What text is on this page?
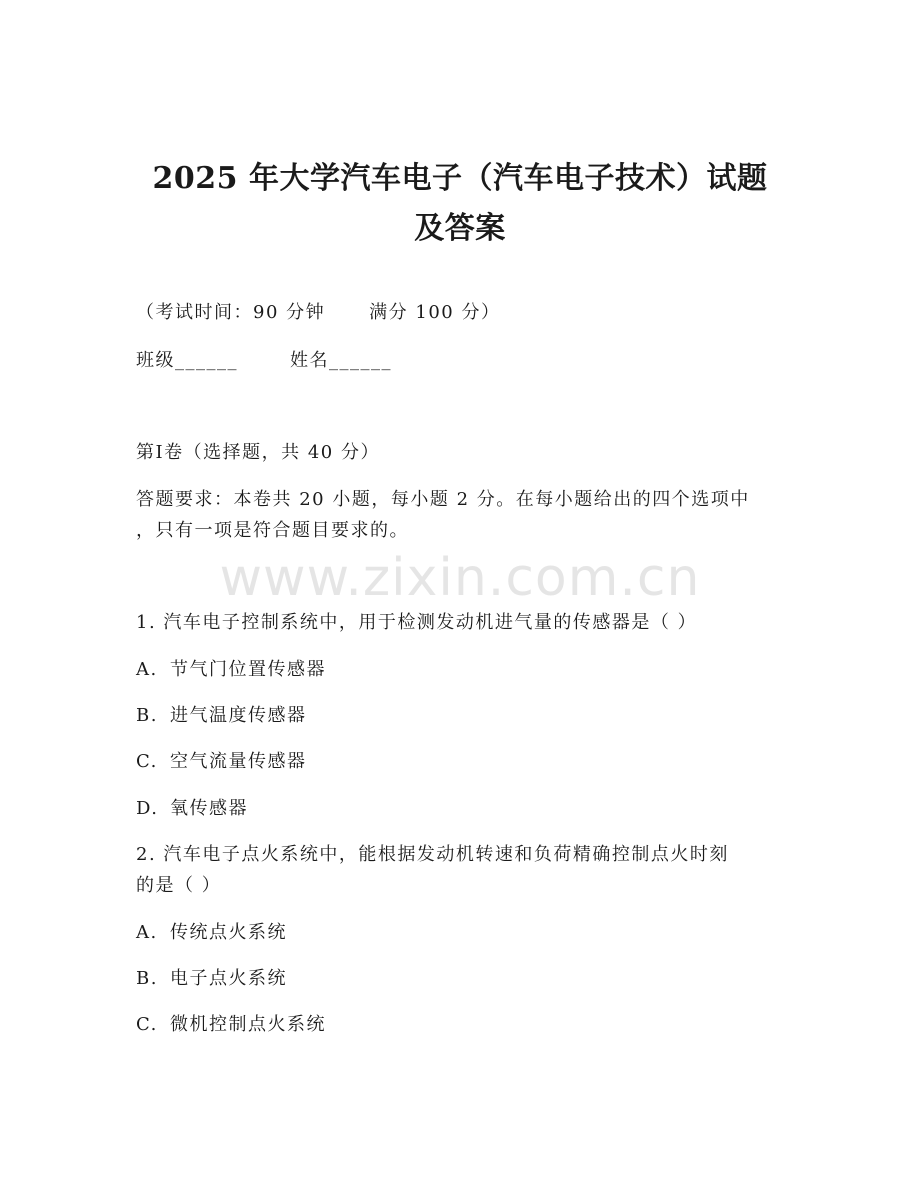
2025 年大学汽车电子（汽车电子技术）试题
及答案
（考试时间：90 分钟 满分 100 分）
班级______	姓名______
第Ⅰ卷（选择题，共 40 分）
答题要求：本卷共 20 小题，每小题 2 分。在每小题给出的四个选项中
，只有一项是符合题目要求的。
www.zixin.com.cn
1. 汽车电子控制系统中，用于检测发动机进气量的传感器是（ ）
A. 节气门位置传感器
B. 进气温度传感器
C. 空气流量传感器
D. 氧传感器
2. 汽车电子点火系统中，能根据发动机转速和负荷精确控制点火时刻
的是（ ）
A. 传统点火系统
B. 电子点火系统
C. 微机控制点火系统
